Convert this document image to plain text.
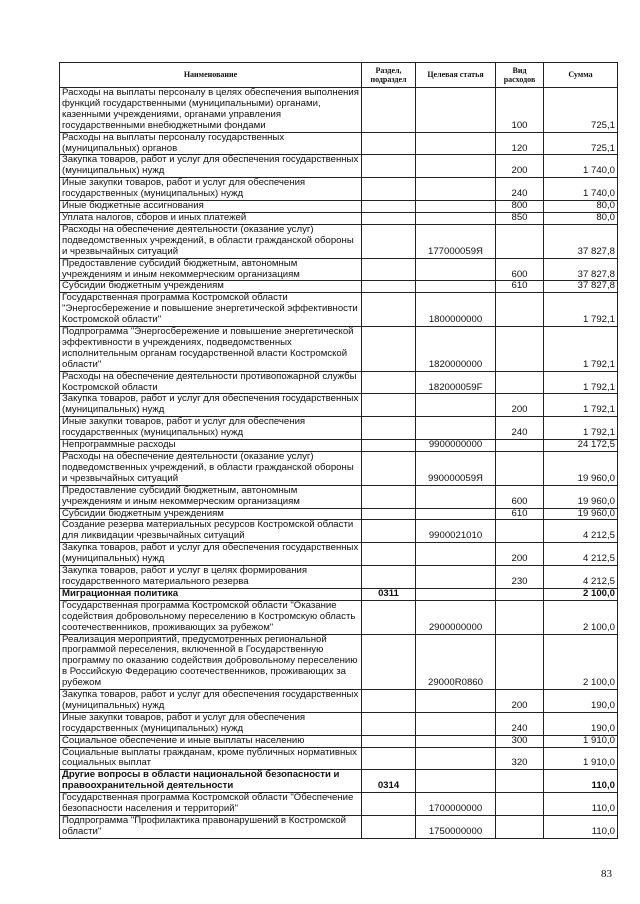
Наименование	Раздел, подраздел	Целевая статья	Вид расходов	Сумма
Расходы на выплаты персоналу в целях обеспечения выполнения функций государственными (муниципальными) органами, казенными учреждениями, органами управления государственными внебюджетными фондами			100	725,1
Расходы на выплаты персоналу государственных (муниципальных) органов			120	725,1
Закупка товаров, работ и услуг для обеспечения государственных (муниципальных) нужд			200	1 740,0
Иные закупки товаров, работ и услуг для обеспечения государственных (муниципальных) нужд			240	1 740,0
Иные бюджетные ассигнования			800	80,0
Уплата налогов, сборов и иных платежей			850	80,0
Расходы на обеспечение деятельности (оказание услуг) подведомственных учреждений, в области гражданской обороны и чрезвычайных ситуаций		177000059Я		37 827,8
Предоставление субсидий бюджетным, автономным учреждениям и иным некоммерческим организациям			600	37 827,8
Субсидии бюджетным учреждениям			610	37 827,8
Государственная программа Костромской области "Энергосбережение и повышение энергетической эффективности Костромской области"		1800000000		1 792,1
Подпрограмма "Энергосбережение и повышение энергетической эффективности в учреждениях, подведомственных исполнительным органам государственной власти Костромской области"		1820000000		1 792,1
Расходы на обеспечение деятельности противопожарной службы Костромской области		182000059F		1 792,1
Закупка товаров, работ и услуг для обеспечения государственных (муниципальных) нужд			200	1 792,1
Иные закупки товаров, работ и услуг для обеспечения государственных (муниципальных) нужд			240	1 792,1
Непрограммные расходы		9900000000		24 172,5
Расходы на обеспечение деятельности (оказание услуг) подведомственных учреждений, в области гражданской обороны и чрезвычайных ситуаций		990000059Я		19 960,0
Предоставление субсидий бюджетным, автономным учреждениям и иным некоммерческим организациям			600	19 960,0
Субсидии бюджетным учреждениям			610	19 960,0
Создание резерва материальных ресурсов Костромской области для ликвидации чрезвычайных ситуаций		9900021010		4 212,5
Закупка товаров, работ и услуг для обеспечения государственных (муниципальных) нужд			200	4 212,5
Закупка товаров, работ и услуг в целях формирования государственного материального резерва			230	4 212,5
Миграционная политика	0311			2 100,0
Государственная программа Костромской области "Оказание содействия добровольному переселению в Костромскую область соотечественников, проживающих за рубежом"		2900000000		2 100,0
Реализация мероприятий, предусмотренных региональной программой переселения, включенной в Государственную программу по оказанию содействия добровольному переселению в Российскую Федерацию соотечественников, проживающих за рубежом		29000R0860		2 100,0
Закупка товаров, работ и услуг для обеспечения государственных (муниципальных) нужд			200	190,0
Иные закупки товаров, работ и услуг для обеспечения государственных (муниципальных) нужд			240	190,0
Социальное обеспечение и иные выплаты населению			300	1 910,0
Социальные выплаты гражданам, кроме публичных нормативных социальных выплат			320	1 910,0
Другие вопросы в области национальной безопасности и правоохранительной деятельности	0314			110,0
Государственная программа Костромской области "Обеспечение безопасности населения и территорий"		1700000000		110,0
Подпрограмма "Профилактика правонарушений в Костромской области"		1750000000		110,0
83
